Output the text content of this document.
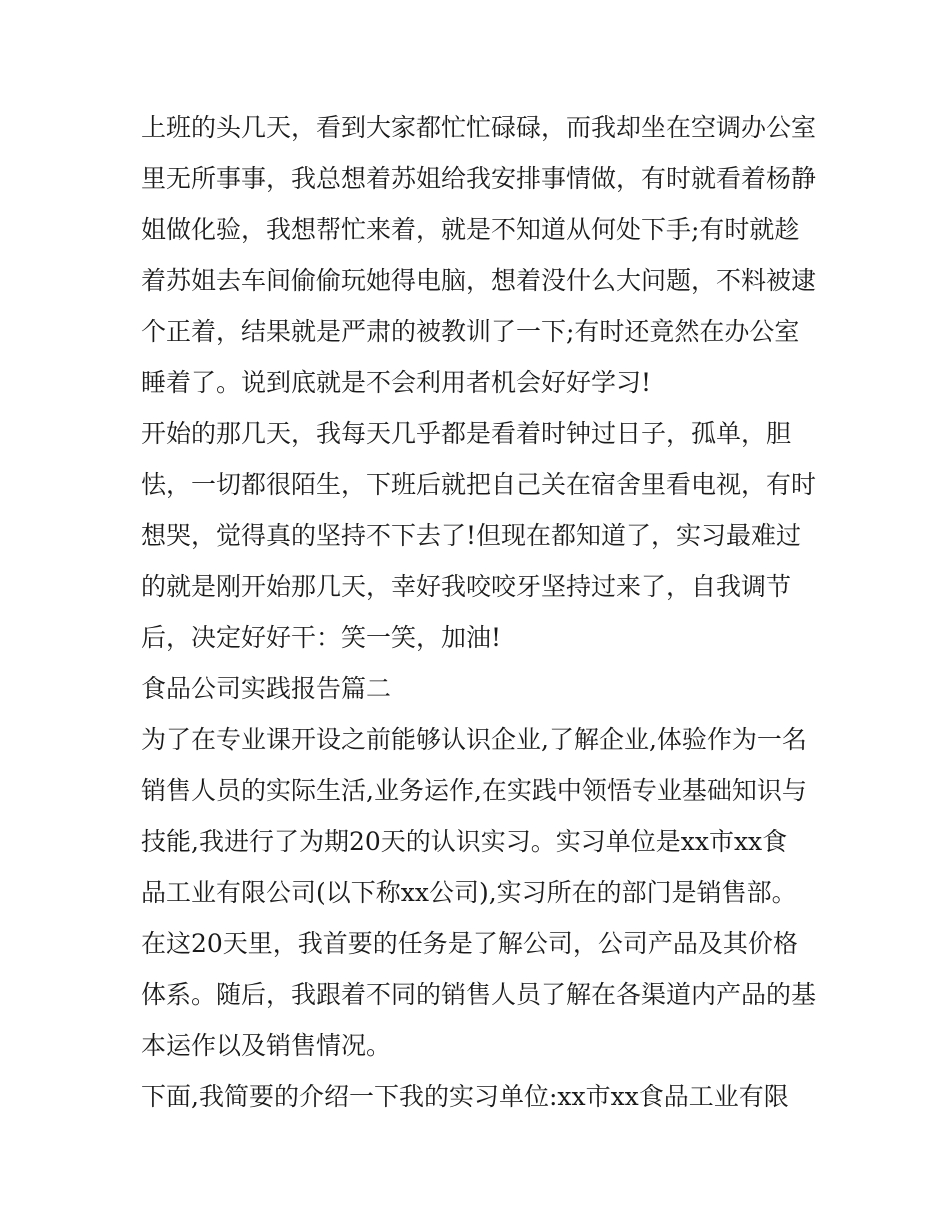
上班的头几天，看到大家都忙忙碌碌，而我却坐在空调办公室
里无所事事，我总想着苏姐给我安排事情做，有时就看着杨静
姐做化验，我想帮忙来着，就是不知道从何处下手;有时就趁
着苏姐去车间偷偷玩她得电脑，想着没什么大问题，不料被逮
个正着，结果就是严肃的被教训了一下;有时还竟然在办公室
睡着了。说到底就是不会利用者机会好好学习!
开始的那几天，我每天几乎都是看着时钟过日子，孤单，胆
怯，一切都很陌生，下班后就把自己关在宿舍里看电视，有时
想哭，觉得真的坚持不下去了!但现在都知道了，实习最难过
的就是刚开始那几天，幸好我咬咬牙坚持过来了，自我调节
后，决定好好干：笑一笑，加油!
食品公司实践报告篇二
为了在专业课开设之前能够认识企业,了解企业,体验作为一名
销售人员的实际生活,业务运作,在实践中领悟专业基础知识与
技能,我进行了为期20天的认识实习。实习单位是xx市xx食
品工业有限公司(以下称xx公司),实习所在的部门是销售部。
在这20天里，我首要的任务是了解公司，公司产品及其价格
体系。随后，我跟着不同的销售人员了解在各渠道内产品的基
本运作以及销售情况。
下面,我简要的介绍一下我的实习单位:xx市xx食品工业有限
